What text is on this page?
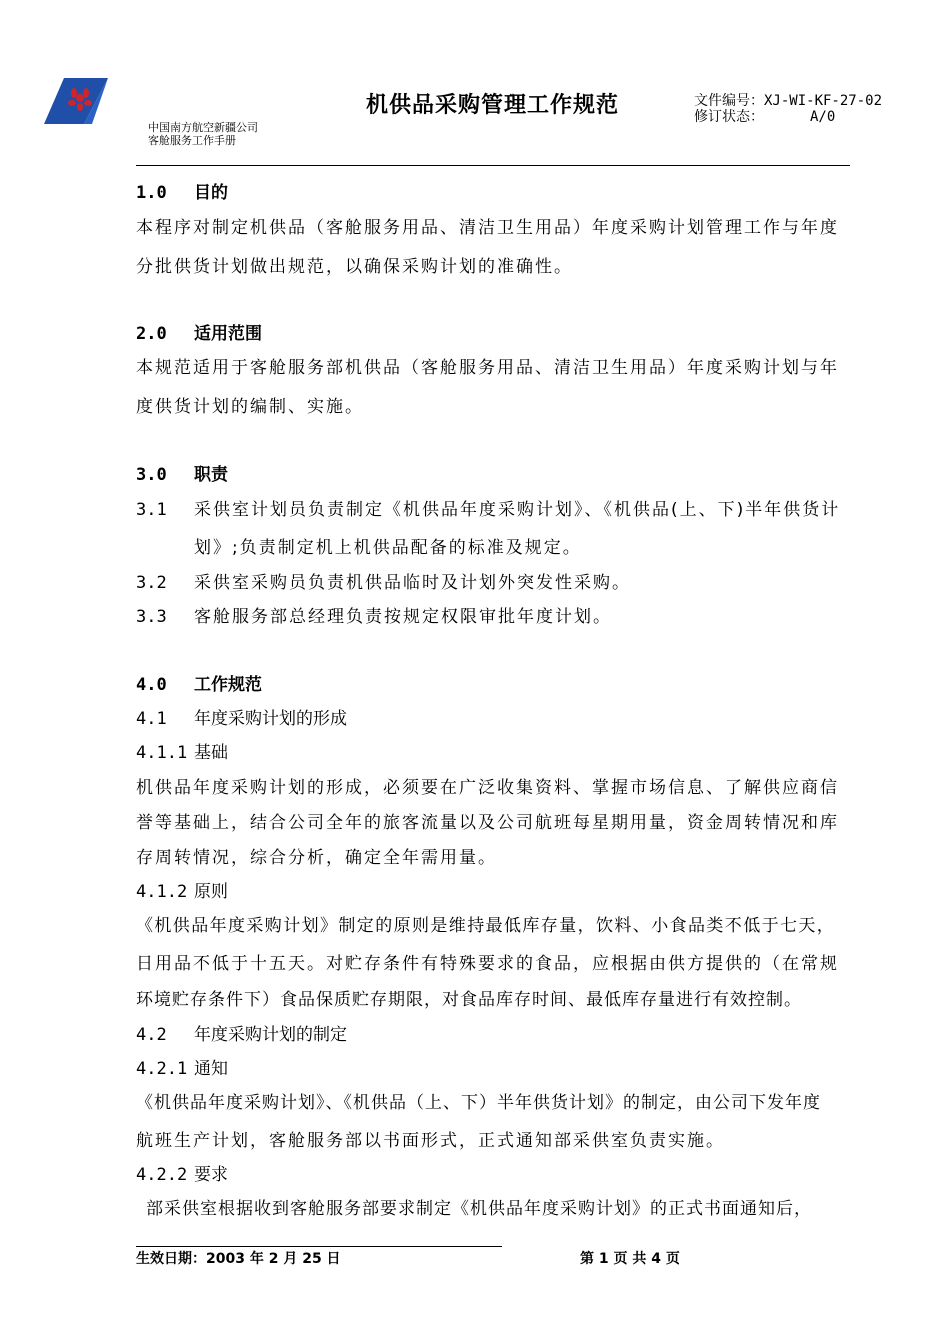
中国南方航空新疆公司
客舱服务工作手册
机供品采购管理工作规范	文件编号： XJ-WI-KF-27-02
修订状态：	A/0
1.0 目的
本程序对制定机供品（客舱服务用品、清洁卫生用品）年度采购计划管理工作与年度
分批供货计划做出规范，以确保采购计划的准确性。
2.0 适用范围
本规范适用于客舱服务部机供品（客舱服务用品、清洁卫生用品）年度采购计划与年
度供货计划的编制、实施。
3.0 职责
3.1 采供室计划员负责制定《机供品年度采购计划》、《机供品(上、下)半年供货计
划》;负责制定机上机供品配备的标准及规定。
3.2 采供室采购员负责机供品临时及计划外突发性采购。
3.3 客舱服务部总经理负责按规定权限审批年度计划。
4.0 工作规范
4.1 年度采购计划的形成
4.1.1 基础
机供品年度采购计划的形成，必须要在广泛收集资料、掌握市场信息、了解供应商信
誉等基础上，结合公司全年的旅客流量以及公司航班每星期用量，资金周转情况和库
存周转情况，综合分析，确定全年需用量。
4.1.2 原则
《机供品年度采购计划》制定的原则是维持最低库存量，饮料、小食品类不低于七天，
日用品不低于十五天。对贮存条件有特殊要求的食品，应根据由供方提供的（在常规
环境贮存条件下）食品保质贮存期限，对食品库存时间、最低库存量进行有效控制。
4.2 年度采购计划的制定
4.2.1 通知
《机供品年度采购计划》、《机供品（上、下）半年供货计划》的制定，由公司下发年度
航班生产计划，客舱服务部以书面形式，正式通知部采供室负责实施。
4.2.2 要求
部采供室根据收到客舱服务部要求制定《机供品年度采购计划》的正式书面通知后，
生效日期：2003 年 2 月 25 日	第 1 页 共 4 页
